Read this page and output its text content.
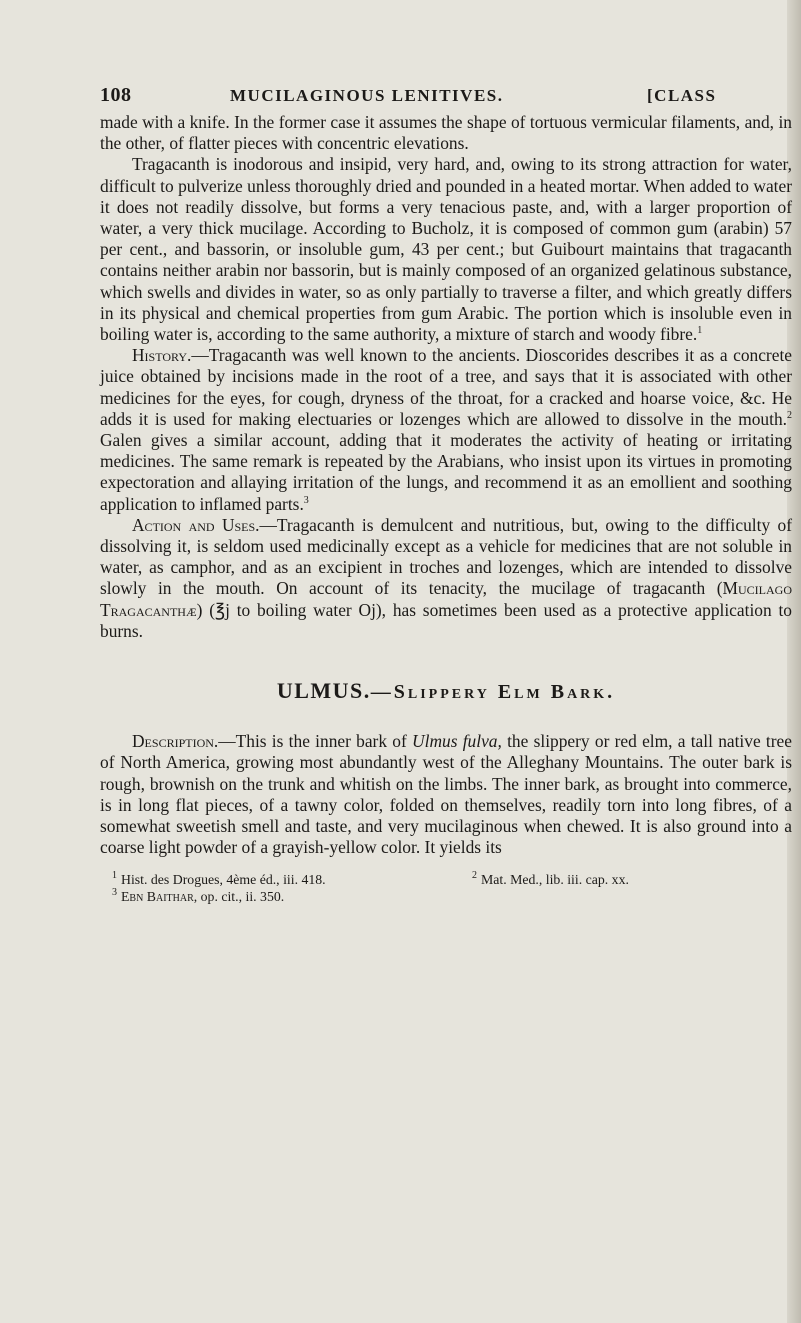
108	MUCILAGINOUS LENITIVES.	[CLASS

made with a knife. In the former case it assumes the shape of tortuous vermicular filaments, and, in the other, of flatter pieces with concentric elevations.

Tragacanth is inodorous and insipid, very hard, and, owing to its strong attraction for water, difficult to pulverize unless thoroughly dried and pounded in a heated mortar. When added to water it does not readily dissolve, but forms a very tenacious paste, and, with a larger proportion of water, a very thick mucilage. According to Bucholz, it is composed of common gum (arabin) 57 per cent., and bassorin, or insoluble gum, 43 per cent.; but Guibourt maintains that tragacanth contains neither arabin nor bassorin, but is mainly composed of an organized gelatinous substance, which swells and divides in water, so as only partially to traverse a filter, and which greatly differs in its physical and chemical properties from gum Arabic. The portion which is insoluble even in boiling water is, according to the same authority, a mixture of starch and woody fibre.$^1$

History.—Tragacanth was well known to the ancients. Dioscorides describes it as a concrete juice obtained by incisions made in the root of a tree, and says that it is associated with other medicines for the eyes, for cough, dryness of the throat, for a cracked and hoarse voice, &c. He adds it is used for making electuaries or lozenges which are allowed to dissolve in the mouth.$^2$ Galen gives a similar account, adding that it moderates the activity of heating or irritating medicines. The same remark is repeated by the Arabians, who insist upon its virtues in promoting expectoration and allaying irritation of the lungs, and recommend it as an emollient and soothing application to inflamed parts.$^3$

Action and Uses.—Tragacanth is demulcent and nutritious, but, owing to the difficulty of dissolving it, is seldom used medicinally except as a vehicle for medicines that are not soluble in water, as camphor, and as an excipient in troches and lozenges, which are intended to dissolve slowly in the mouth. On account of its tenacity, the mucilage of tragacanth (Mucilago Tragacanthæ) (℥j to boiling water Oj), has sometimes been used as a protective application to burns.

ULMUS.—Slippery Elm Bark.

Description.—This is the inner bark of Ulmus fulva, the slippery or red elm, a tall native tree of North America, growing most abundantly west of the Alleghany Mountains. The outer bark is rough, brownish on the trunk and whitish on the limbs. The inner bark, as brought into commerce, is in long flat pieces, of a tawny color, folded on themselves, readily torn into long fibres, of a somewhat sweetish smell and taste, and very mucilaginous when chewed. It is also ground into a coarse light powder of a grayish-yellow color. It yields its

$^1$ Hist. des Drogues, 4ème éd., iii. 418.	$^2$ Mat. Med., lib. iii. cap. xx.
$^3$ Ebn Baithar, op. cit., ii. 350.
